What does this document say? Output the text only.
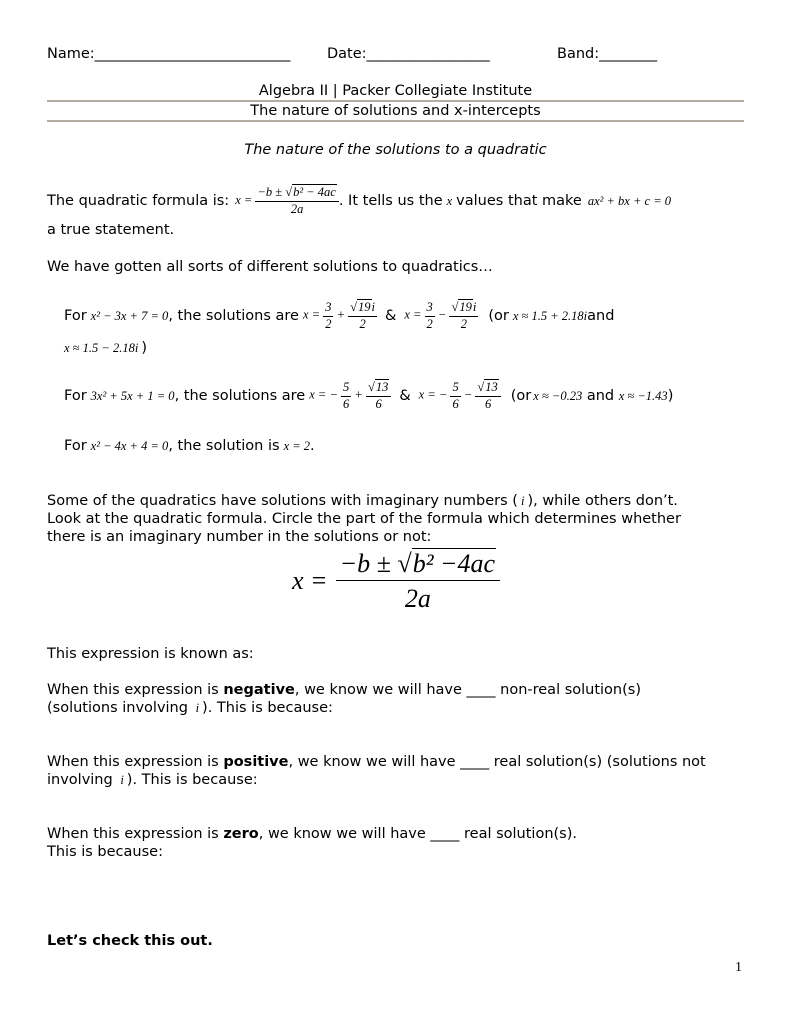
Name:___________________________	Date:_________________	Band:________
Algebra II | Packer Collegiate Institute
The nature of solutions and x-intercepts
The nature of the solutions to a quadratic
The quadratic formula is: $x = \frac{\text{−b ± √b² − 4ac}}{2a}$ . It tells us the x values that make ax² + bx + c = 0
a true statement.
We have gotten all sorts of different solutions to quadratics…
For x² − 3x + 7 = 0 , the solutions are $x = \frac{3}{2} + \frac{√19i}{2}$ & $x = \frac{3}{2} - \frac{√19i}{2} (or$ x ≈ 1.5 + 2.18i and
x ≈ 1.5 − 2.18i )
For 3x² + 5x + 1 = 0 , the solutions are x = − $\frac{5}{6} + \frac{√13}{6}$ & x = − $\frac{5}{6} - \frac{√13}{6} (or$ x ≈ −0.23 and x ≈ −1.43 )
For x² − 4x + 4 = 0 , the solution is x = 2 .
Some of the quadratics have solutions with imaginary numbers ( i ), while others don’t.
Look at the quadratic formula. Circle the part of the formula which determines whether
there is an imaginary number in the solutions or not:
$x = \frac{\text{−b ± √b² −4ac}}{2a}$
This expression is known as:
When this expression is negative, we know we will have ____ non-real solution(s)
(solutions involving i ). This is because:
When this expression is positive, we know we will have ____ real solution(s) (solutions not
involving i ). This is because:
When this expression is zero, we know we will have ____ real solution(s).
This is because:
Let’s check this out.
1
